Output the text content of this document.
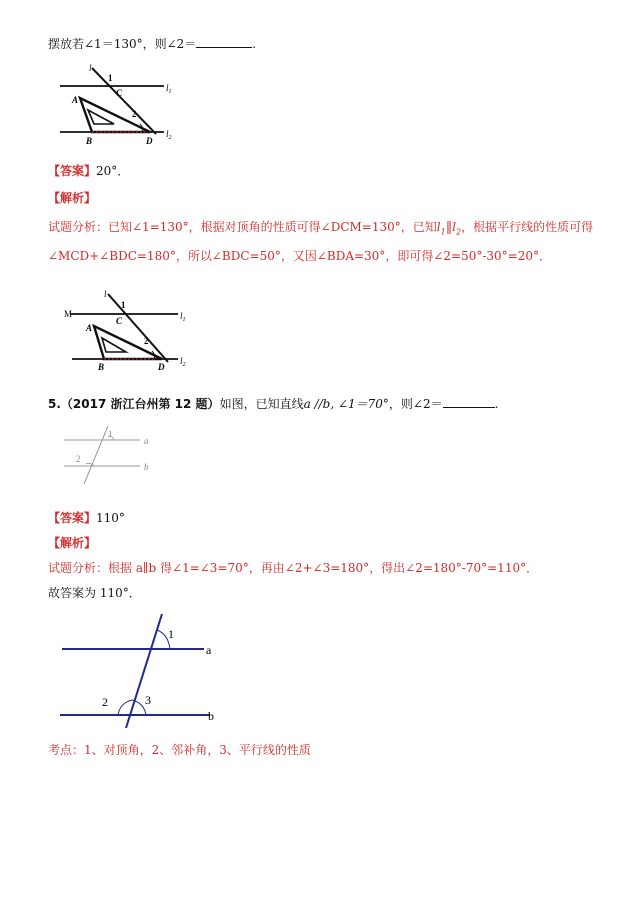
摆放若∠1＝130°，则∠2＝	.
l
1
C	$l_1$
A
2
B	D
$l_2$
【答案】20°．
【解析】
试题分析：已知∠1=130°，根据对顶角的性质可得∠DCM=130°，已知$l_1‖l_2$，根据平行线的性质可得
∠MCD+∠BDC=180°，所以∠BDC=50°，又因∠BDA=30°，即可得∠2=50°-30°=20°．
l
1
M
C	$l_1$
A
2
B	D
$l_2$
5.（2017 浙江台州第 12 题）如图，已知直线a //b, ∠1＝70°，则∠2＝	.
1
a
2
b
【答案】110°
【解析】
试题分析：根据 a∥b 得∠1=∠3=70°，再由∠2+∠3=180°，得出∠2=180°-70°=110°．
故答案为 110°．
1
a
2	3
b
考点：1、对顶角，2、邻补角，3、平行线的性质
